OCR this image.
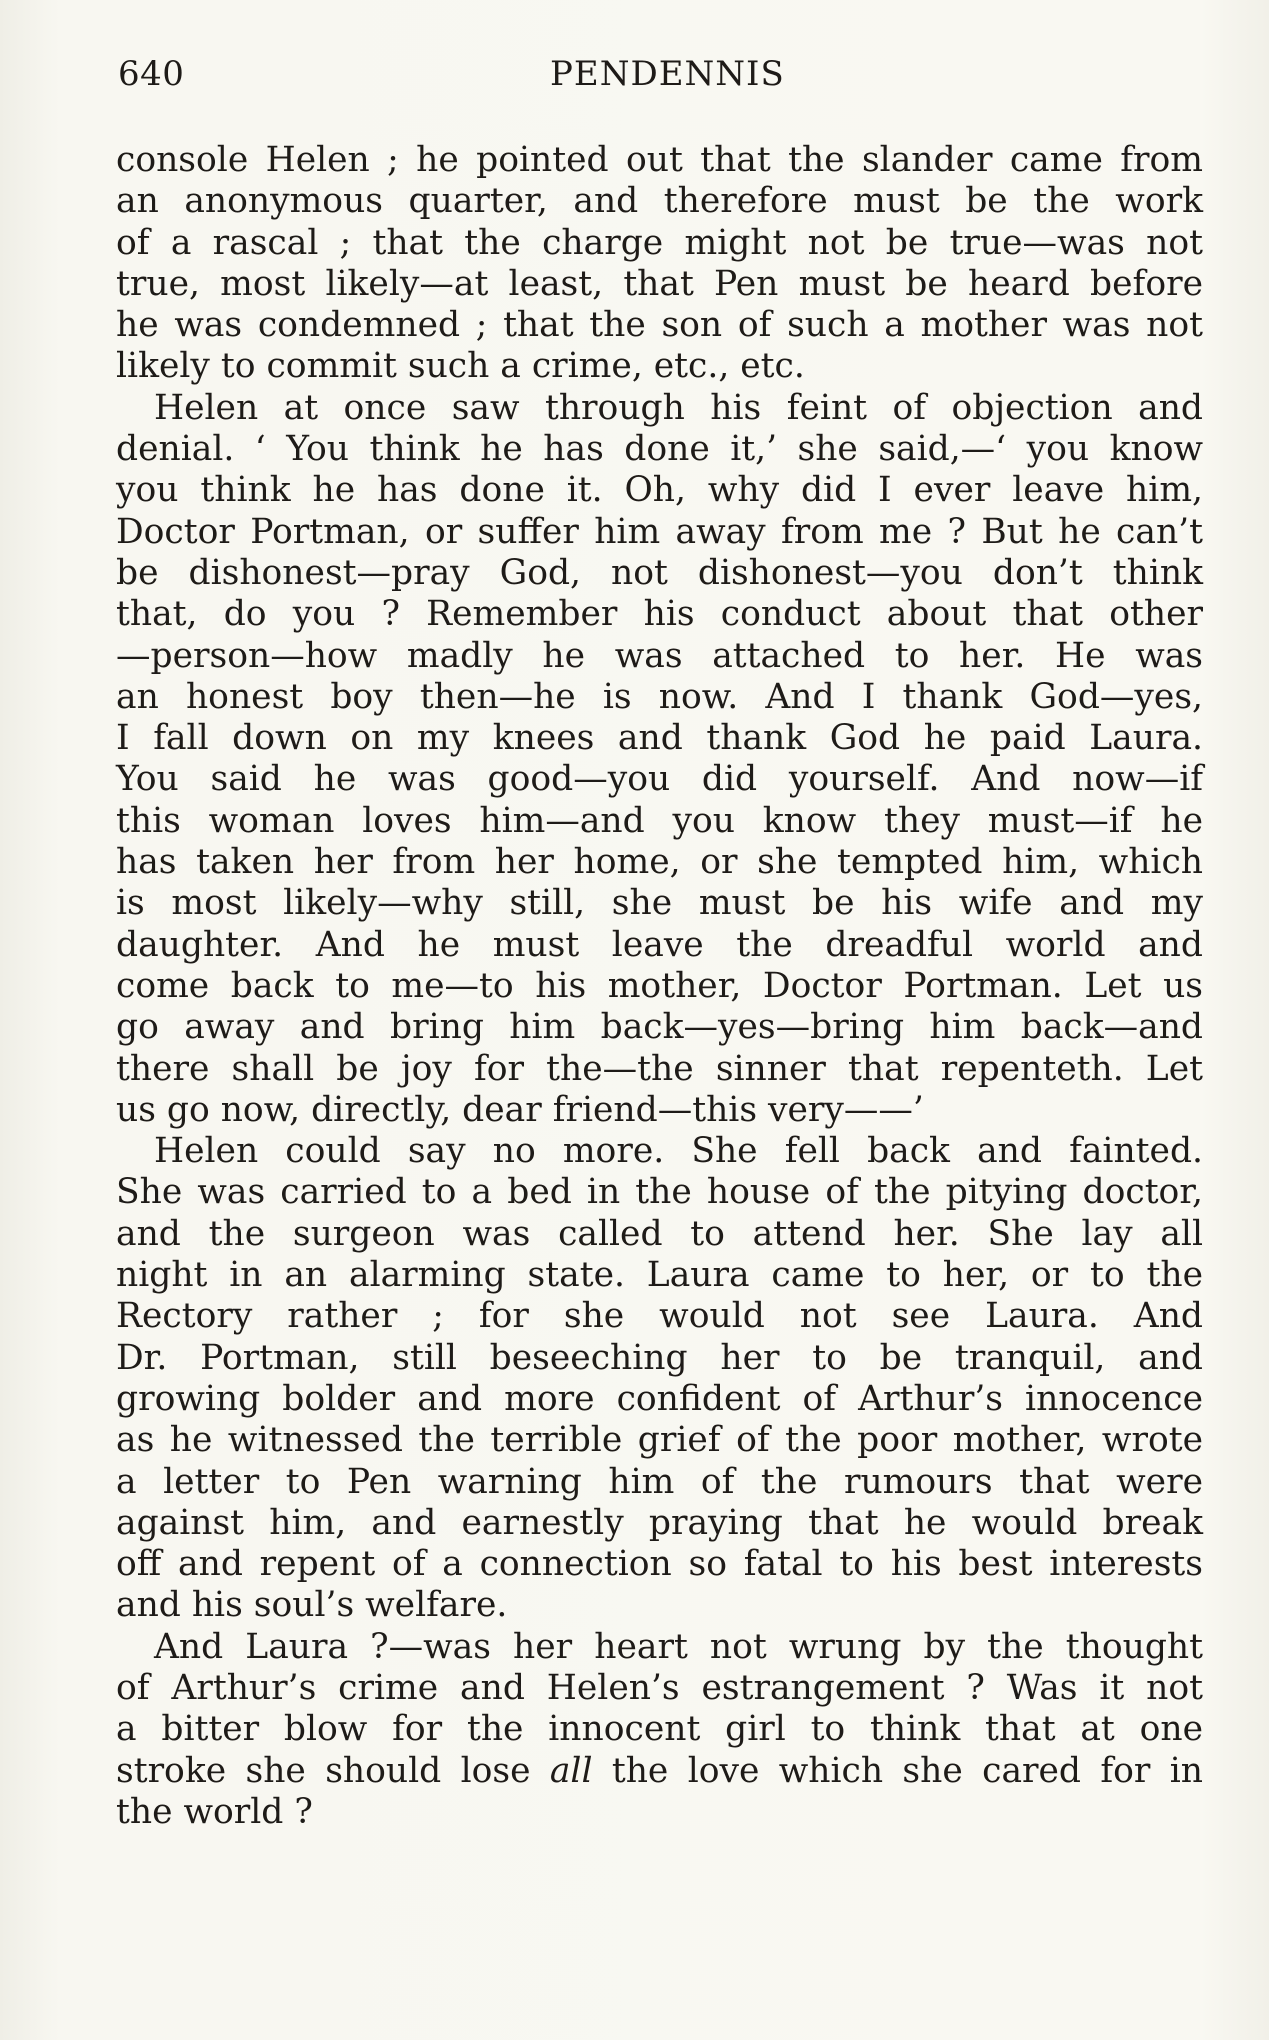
640	PENDENNIS
console Helen ; he pointed out that the slander came from
an anonymous quarter, and therefore must be the work
of a rascal ; that the charge might not be true—was not
true, most likely—at least, that Pen must be heard before
he was condemned ; that the son of such a mother was not
likely to commit such a crime, etc., etc.
Helen at once saw through his feint of objection and
denial. ‘ You think he has done it,’ she said,—‘ you know
you think he has done it. Oh, why did I ever leave him,
Doctor Portman, or suffer him away from me ? But he can’t
be dishonest—pray God, not dishonest—you don’t think
that, do you ? Remember his conduct about that other
—person—how madly he was attached to her. He was
an honest boy then—he is now. And I thank God—yes,
I fall down on my knees and thank God he paid Laura.
You said he was good—you did yourself. And now—if
this woman loves him—and you know they must—if he
has taken her from her home, or she tempted him, which
is most likely—why still, she must be his wife and my
daughter. And he must leave the dreadful world and
come back to me—to his mother, Doctor Portman. Let us
go away and bring him back—yes—bring him back—and
there shall be joy for the—the sinner that repenteth. Let
us go now, directly, dear friend—this very——’
Helen could say no more. She fell back and fainted.
She was carried to a bed in the house of the pitying doctor,
and the surgeon was called to attend her. She lay all
night in an alarming state. Laura came to her, or to the
Rectory rather ; for she would not see Laura. And
Dr. Portman, still beseeching her to be tranquil, and
growing bolder and more confident of Arthur’s innocence
as he witnessed the terrible grief of the poor mother, wrote
a letter to Pen warning him of the rumours that were
against him, and earnestly praying that he would break
off and repent of a connection so fatal to his best interests
and his soul’s welfare.
And Laura ?—was her heart not wrung by the thought
of Arthur’s crime and Helen’s estrangement ? Was it not
a bitter blow for the innocent girl to think that at one
stroke she should lose all the love which she cared for in
the world ?
